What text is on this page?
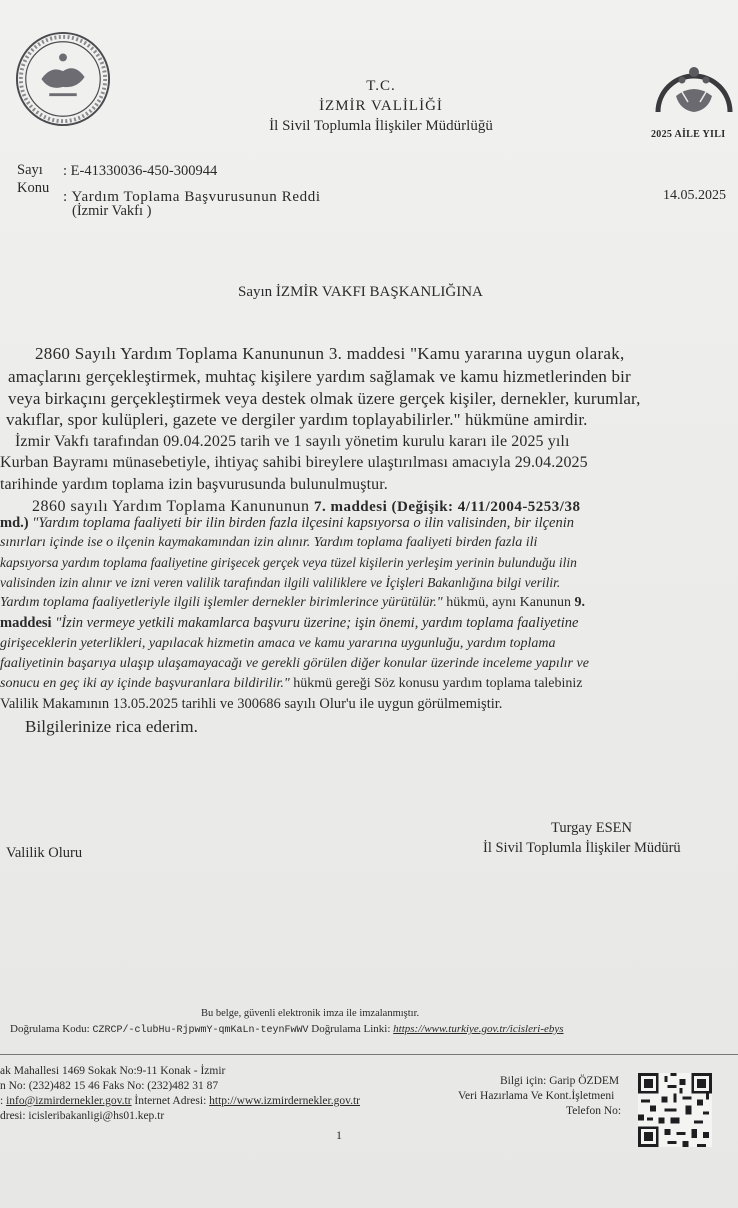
T.C.
İZMİR VALİLİĞİ
İl Sivil Toplumla İlişkiler Müdürlüğü
2025 AİLE YILI
Sayı : E-41330036-450-300944
Konu
: Yardım Toplama Başvurusunun Reddi
(İzmir Vakfı )
14.05.2025
Sayın İZMİR VAKFI BAŞKANLIĞINA
2860 Sayılı Yardım Toplama Kanununun 3. maddesi "Kamu yararına uygun olarak,
amaçlarını gerçekleştirmek, muhtaç kişilere yardım sağlamak ve kamu hizmetlerinden bir
veya birkaçını gerçekleştirmek veya destek olmak üzere gerçek kişiler, dernekler, kurumlar,
vakıflar, spor kulüpleri, gazete ve dergiler yardım toplayabilirler." hükmüne amirdir.
İzmir Vakfı tarafından 09.04.2025 tarih ve 1 sayılı yönetim kurulu kararı ile 2025 yılı
Kurban Bayramı münasebetiyle, ihtiyaç sahibi bireylere ulaştırılması amacıyla 29.04.2025
tarihinde yardım toplama izin başvurusunda bulunulmuştur.
2860 sayılı Yardım Toplama Kanununun 7. maddesi (Değişik: 4/11/2004-5253/38
md.) "Yardım toplama faaliyeti bir ilin birden fazla ilçesini kapsıyorsa o ilin valisinden, bir ilçenin
sınırları içinde ise o ilçenin kaymakamından izin alınır. Yardım toplama faaliyeti birden fazla ili
kapsıyorsa yardım toplama faaliyetine girişecek gerçek veya tüzel kişilerin yerleşim yerinin bulunduğu ilin
valisinden izin alınır ve izni veren valilik tarafından ilgili valiliklere ve İçişleri Bakanlığına bilgi verilir.
Yardım toplama faaliyetleriyle ilgili işlemler dernekler birimlerince yürütülür." hükmü, aynı Kanunun 9.
maddesi "İzin vermeye yetkili makamlarca başvuru üzerine; işin önemi, yardım toplama faaliyetine
girişeceklerin yeterlikleri, yapılacak hizmetin amaca ve kamu yararına uygunluğu, yardım toplama
faaliyetinin başarıya ulaşıp ulaşamayacağı ve gerekli görülen diğer konular üzerinde inceleme yapılır ve
sonucu en geç iki ay içinde başvuranlara bildirilir." hükmü gereği Söz konusu yardım toplama talebiniz
Valilik Makamının 13.05.2025 tarihli ve 300686 sayılı Olur'u ile uygun görülmemiştir.
Bilgilerinize rica ederim.
Turgay ESEN
İl Sivil Toplumla İlişkiler Müdürü
Valilik Oluru
Bu belge, güvenli elektronik imza ile imzalanmıştır.
Doğrulama Kodu: CZRCP/-clubHu-RjpwmY-qmKaLn-teynFwWV Doğrulama Linki: https://www.turkiye.gov.tr/icisleri-ebys
ak Mahallesi 1469 Sokak No:9-11 Konak - İzmir
n No: (232)482 15 46 Faks No: (232)482 31 87
: info@izmirdernekler.gov.tr İnternet Adresi: http://www.izmirdernekler.gov.tr
dresi: icisleribakanligi@hs01.kep.tr
Bilgi için: Garip ÖZDEM
Veri Hazırlama Ve Kont.İşletmeni
Telefon No:
1
